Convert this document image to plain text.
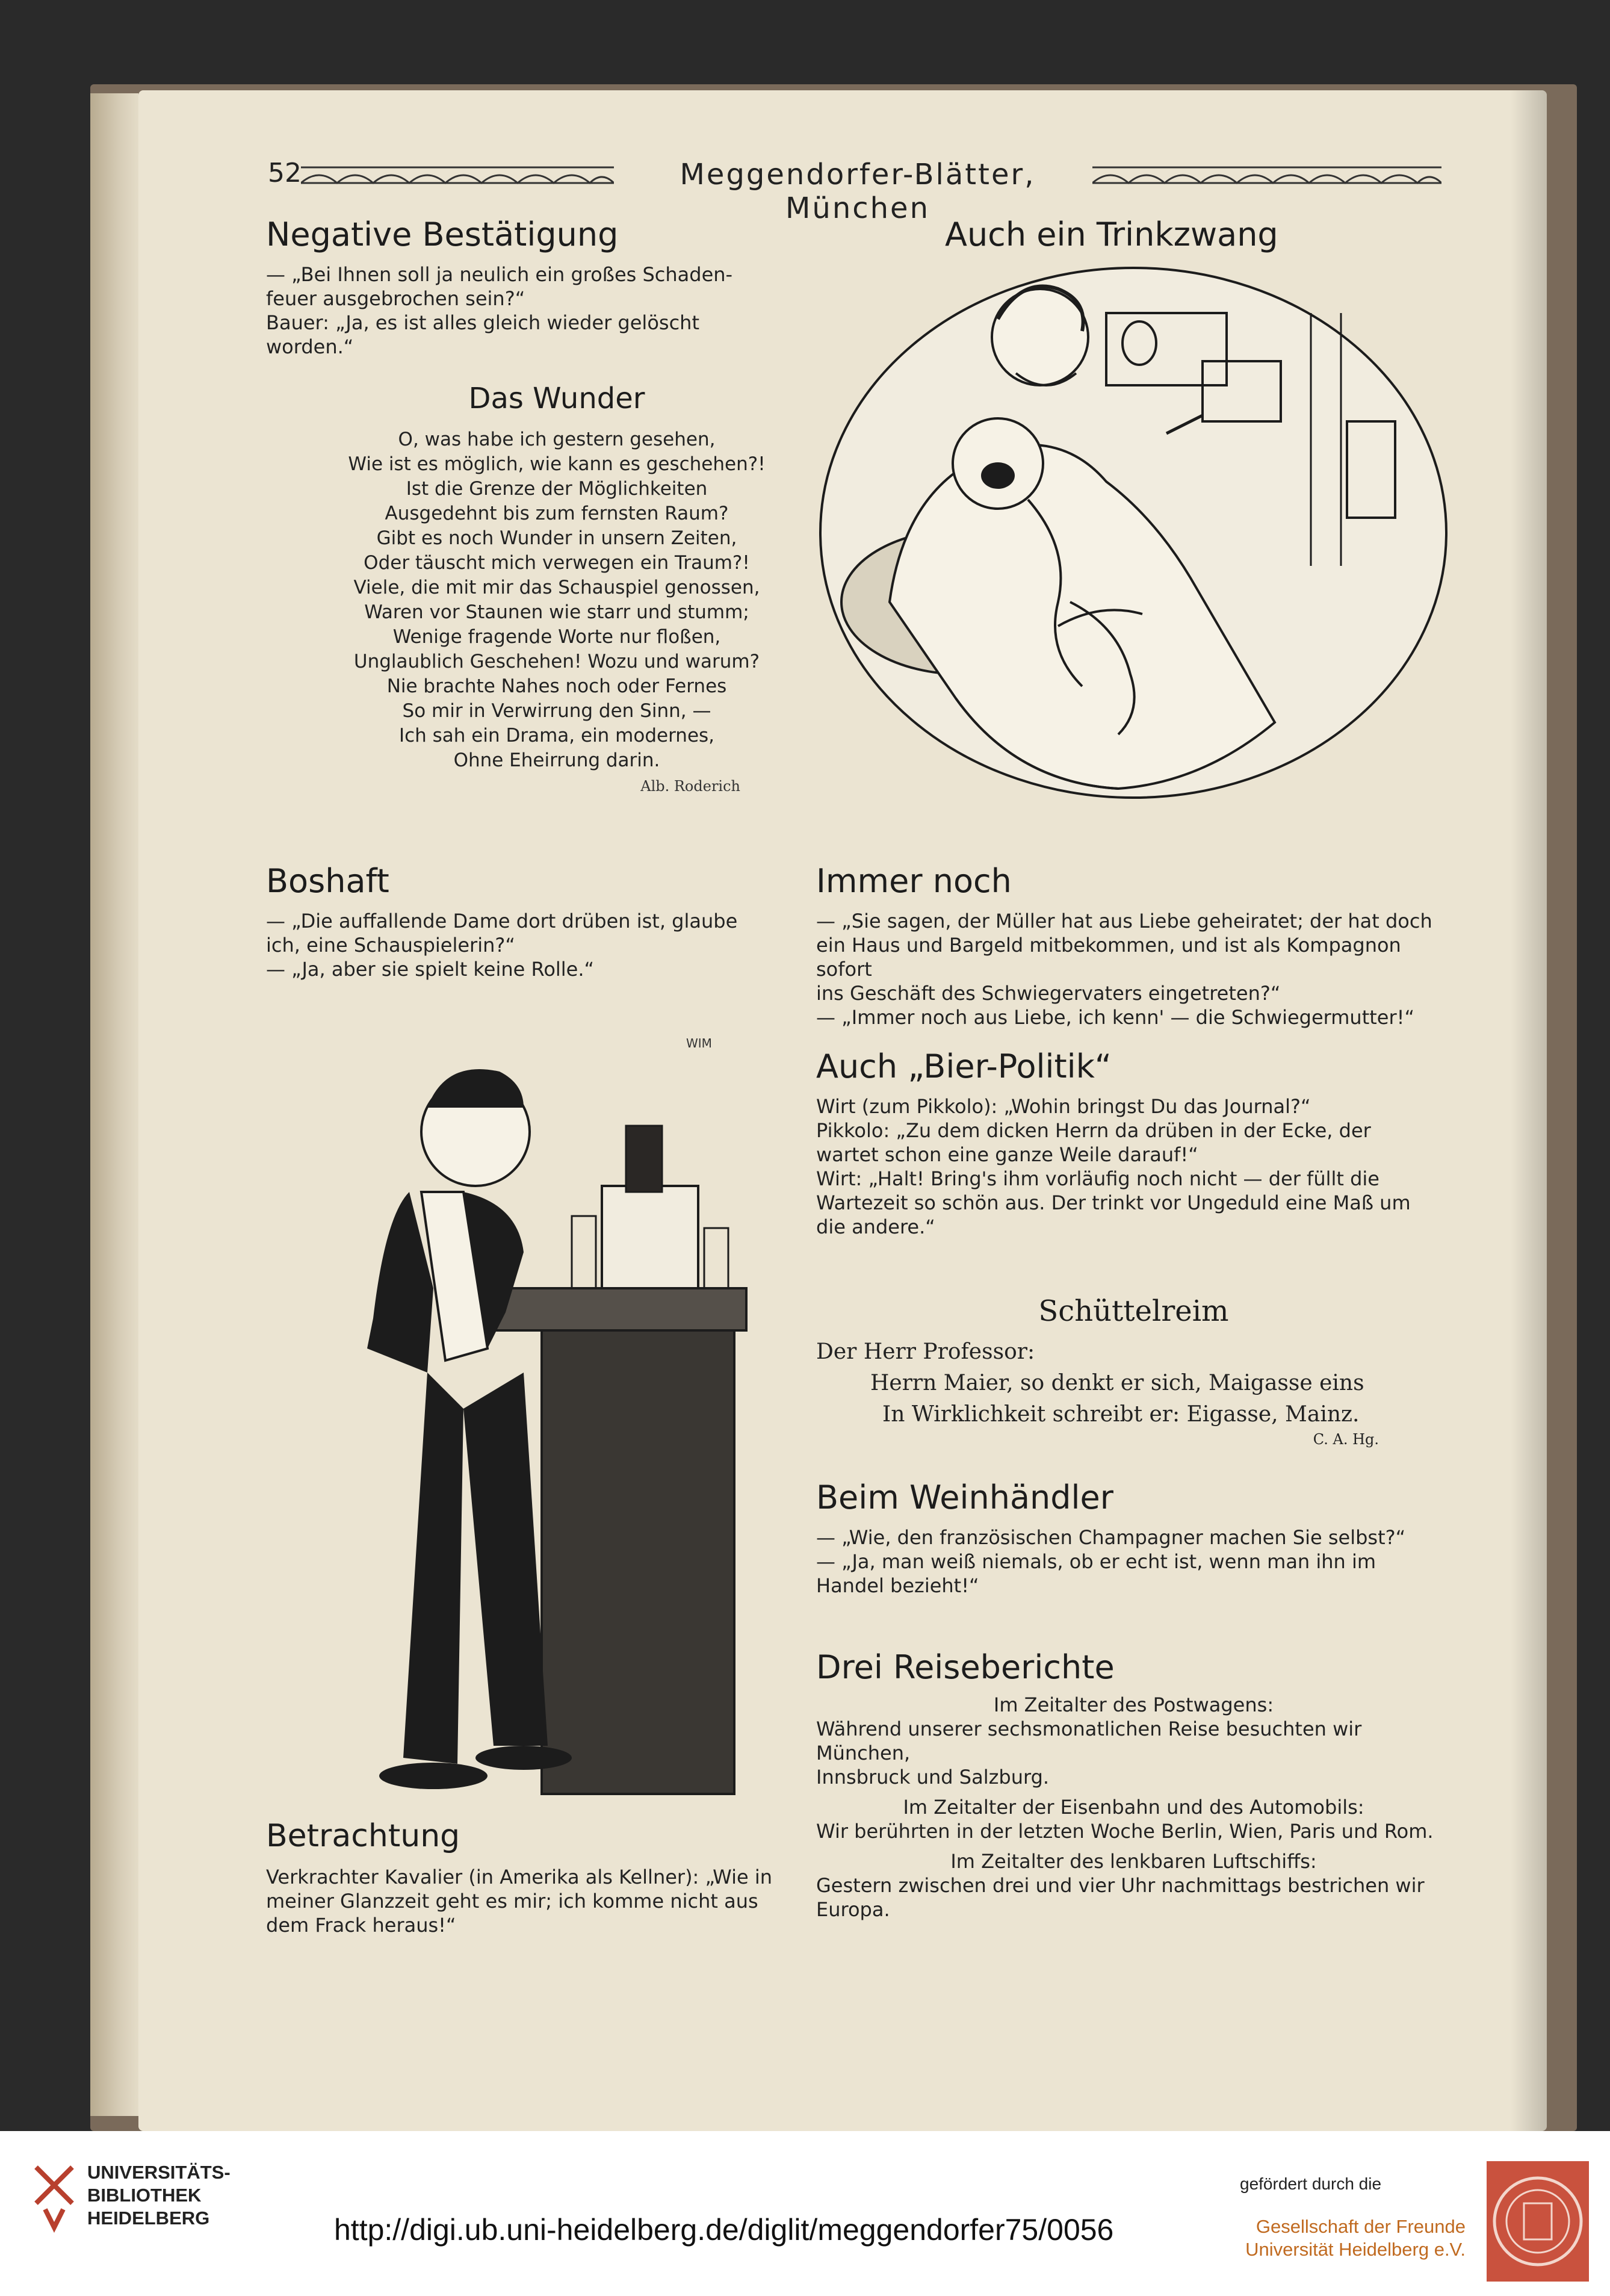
52	Meggendorfer-Blätter, München
Negative Bestätigung
— „Bei Ihnen soll ja neulich ein großes Schaden-
feuer ausgebrochen sein?“
Bauer: „Ja, es ist alles gleich wieder gelöscht worden.“
Das Wunder
O, was habe ich gestern gesehen,
Wie ist es möglich, wie kann es geschehen?!
Ist die Grenze der Möglichkeiten
Ausgedehnt bis zum fernsten Raum?
Gibt es noch Wunder in unsern Zeiten,
Oder täuscht mich verwegen ein Traum?!
Viele, die mit mir das Schauspiel genossen,
Waren vor Staunen wie starr und stumm;
Wenige fragende Worte nur floßen,
Unglaublich Geschehen! Wozu und warum?
Nie brachte Nahes noch oder Fernes
So mir in Verwirrung den Sinn, —
Ich sah ein Drama, ein modernes,
Ohne Eheirrung darin.
Alb. Roderich
Auch ein Trinkzwang
Boshaft
— „Die auffallende Dame dort drüben ist, glaube
ich, eine Schauspielerin?“
— „Ja, aber sie spielt keine Rolle.“
WIM
Betrachtung
Verkrachter Kavalier (in Amerika als Kellner): „Wie in
meiner Glanzzeit geht es mir; ich komme nicht aus
dem Frack heraus!“
Immer noch
— „Sie sagen, der Müller hat aus Liebe geheiratet; der hat doch
ein Haus und Bargeld mitbekommen, und ist als Kompagnon sofort
ins Geschäft des Schwiegervaters eingetreten?“
— „Immer noch aus Liebe, ich kenn' — die Schwiegermutter!“
Auch „Bier-Politik“
Wirt (zum Pikkolo): „Wohin bringst Du das Journal?“
Pikkolo: „Zu dem dicken Herrn da drüben in der Ecke, der
wartet schon eine ganze Weile darauf!“
Wirt: „Halt! Bring's ihm vorläufig noch nicht — der füllt die
Wartezeit so schön aus. Der trinkt vor Ungeduld eine Maß um
die andere.“
Schüttelreim
Der Herr Professor:
Herrn Maier, so denkt er sich, Maigasse eins
In Wirklichkeit schreibt er: Eigasse, Mainz.
C. A. Hg.
Beim Weinhändler
— „Wie, den französischen Champagner machen Sie selbst?“
— „Ja, man weiß niemals, ob er echt ist, wenn man ihn im
Handel bezieht!“
Drei Reiseberichte
Im Zeitalter des Postwagens:
Während unserer sechsmonatlichen Reise besuchten wir München,
Innsbruck und Salzburg.
Im Zeitalter der Eisenbahn und des Automobils:
Wir berührten in der letzten Woche Berlin, Wien, Paris und Rom.
Im Zeitalter des lenkbaren Luftschiffs:
Gestern zwischen drei und vier Uhr nachmittags bestrichen wir
Europa.
UNIVERSITÄTS-
BIBLIOTHEK
HEIDELBERG	http://digi.ub.uni-heidelberg.de/diglit/meggendorfer75/0056
gefördert durch die
Gesellschaft der Freunde
Universität Heidelberg e.V.
